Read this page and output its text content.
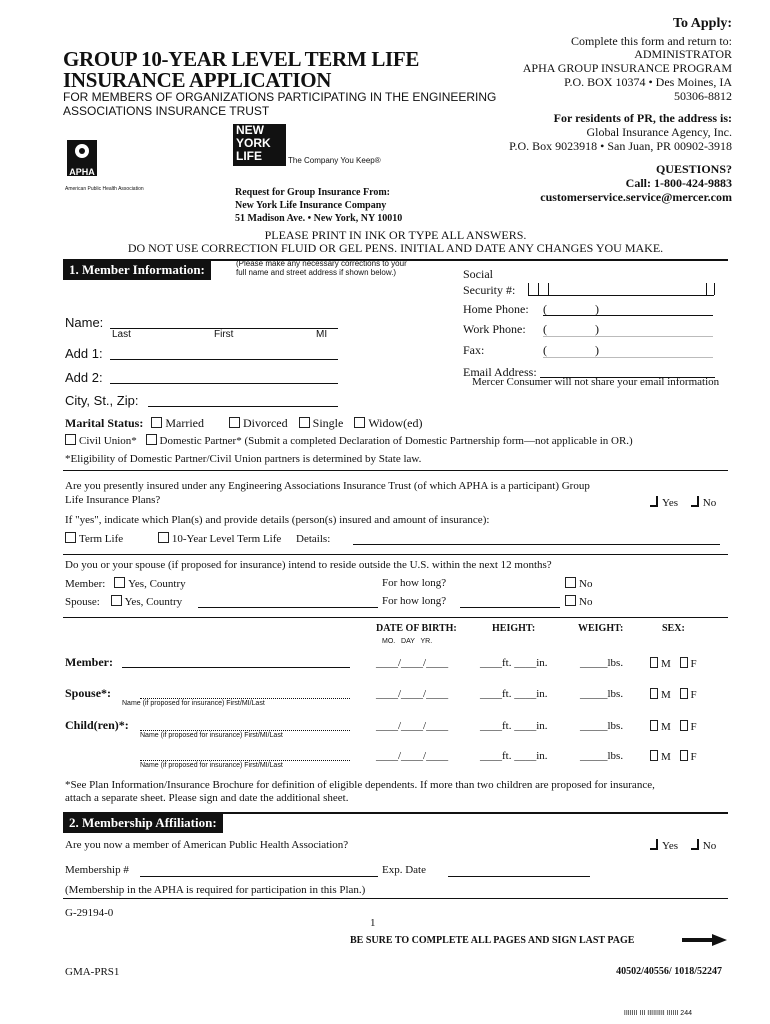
GROUP 10-YEAR LEVEL TERM LIFE
INSURANCE APPLICATION
FOR MEMBERS OF ORGANIZATIONS PARTICIPATING IN THE ENGINEERING
ASSOCIATIONS INSURANCE TRUST
APHA
American Public Health Association
NEW
YORK
LIFE	The Company You Keep®
Request for Group Insurance From:
New York Life Insurance Company
51 Madison Ave. • New York, NY 10010
To Apply:
Complete this form and return to:
ADMINISTRATOR
APHA GROUP INSURANCE PROGRAM
P.O. BOX 10374 • Des Moines, IA
50306-8812
For residents of PR, the address is:
Global Insurance Agency, Inc.
P.O. Box 9023918 • San Juan, PR 00902-3918
QUESTIONS?
Call: 1-800-424-9883
customerservice.service@mercer.com
PLEASE PRINT IN INK OR TYPE ALL ANSWERS.
DO NOT USE CORRECTION FLUID OR GEL PENS. INITIAL AND DATE ANY CHANGES YOU MAKE.
1. Member Information:	(Please make any necessary corrections to your
full name and street address if shown below.)
Name:
Last	First	MI
Add 1:
Add 2:
City, St., Zip:
Social
Security #:
Home Phone: (	)
Work Phone: (	)
Fax:	(	)
Email Address:
Mercer Consumer will not share your email information
Marital Status: Married	Divorced Single Widow(ed)
Civil Union* Domestic Partner* (Submit a completed Declaration of Domestic Partnership form—not applicable in OR.)
*Eligibility of Domestic Partner/Civil Union partners is determined by State law.
Are you presently insured under any Engineering Associations Insurance Trust (of which APHA is a participant) Group
Life Insurance Plans?	Yes No
If "yes", indicate which Plan(s) and provide details (person(s) insured and amount of insurance):
Term Life	10-Year Level Term Life Details:
Do you or your spouse (if proposed for insurance) intend to reside outside the U.S. within the next 12 months?
Member: Yes, Country	For how long?	No
Spouse: Yes, Country	For how long?	No
DATE OF BIRTH:
MO.   DAY   YR.
HEIGHT:	WEIGHT:	SEX:
Member:	____/____/____	____ft. ____in.	_____lbs.	M F
Spouse*:
Name (if proposed for insurance) First/MI/Last
____/____/____	____ft. ____in.	_____lbs.	M F
Child(ren)*:
Name (if proposed for insurance) First/MI/Last
____/____/____	____ft. ____in.	_____lbs.	M F
Name (if proposed for insurance) First/MI/Last
____/____/____	____ft. ____in.	_____lbs.	M F
*See Plan Information/Insurance Brochure for definition of eligible dependents. If more than two children are proposed for insurance,
attach a separate sheet. Please sign and date the additional sheet.
2. Membership Affiliation:
Are you now a member of American Public Health Association?	Yes No
Membership #	Exp. Date
(Membership in the APHA is required for participation in this Plan.)
G-29194-0
1
BE SURE TO COMPLETE ALL PAGES AND SIGN LAST PAGE
GMA-PRS1	40502/40556/ 1018/52247
IIIIIII III IIIIIIIII IIIIII 244
